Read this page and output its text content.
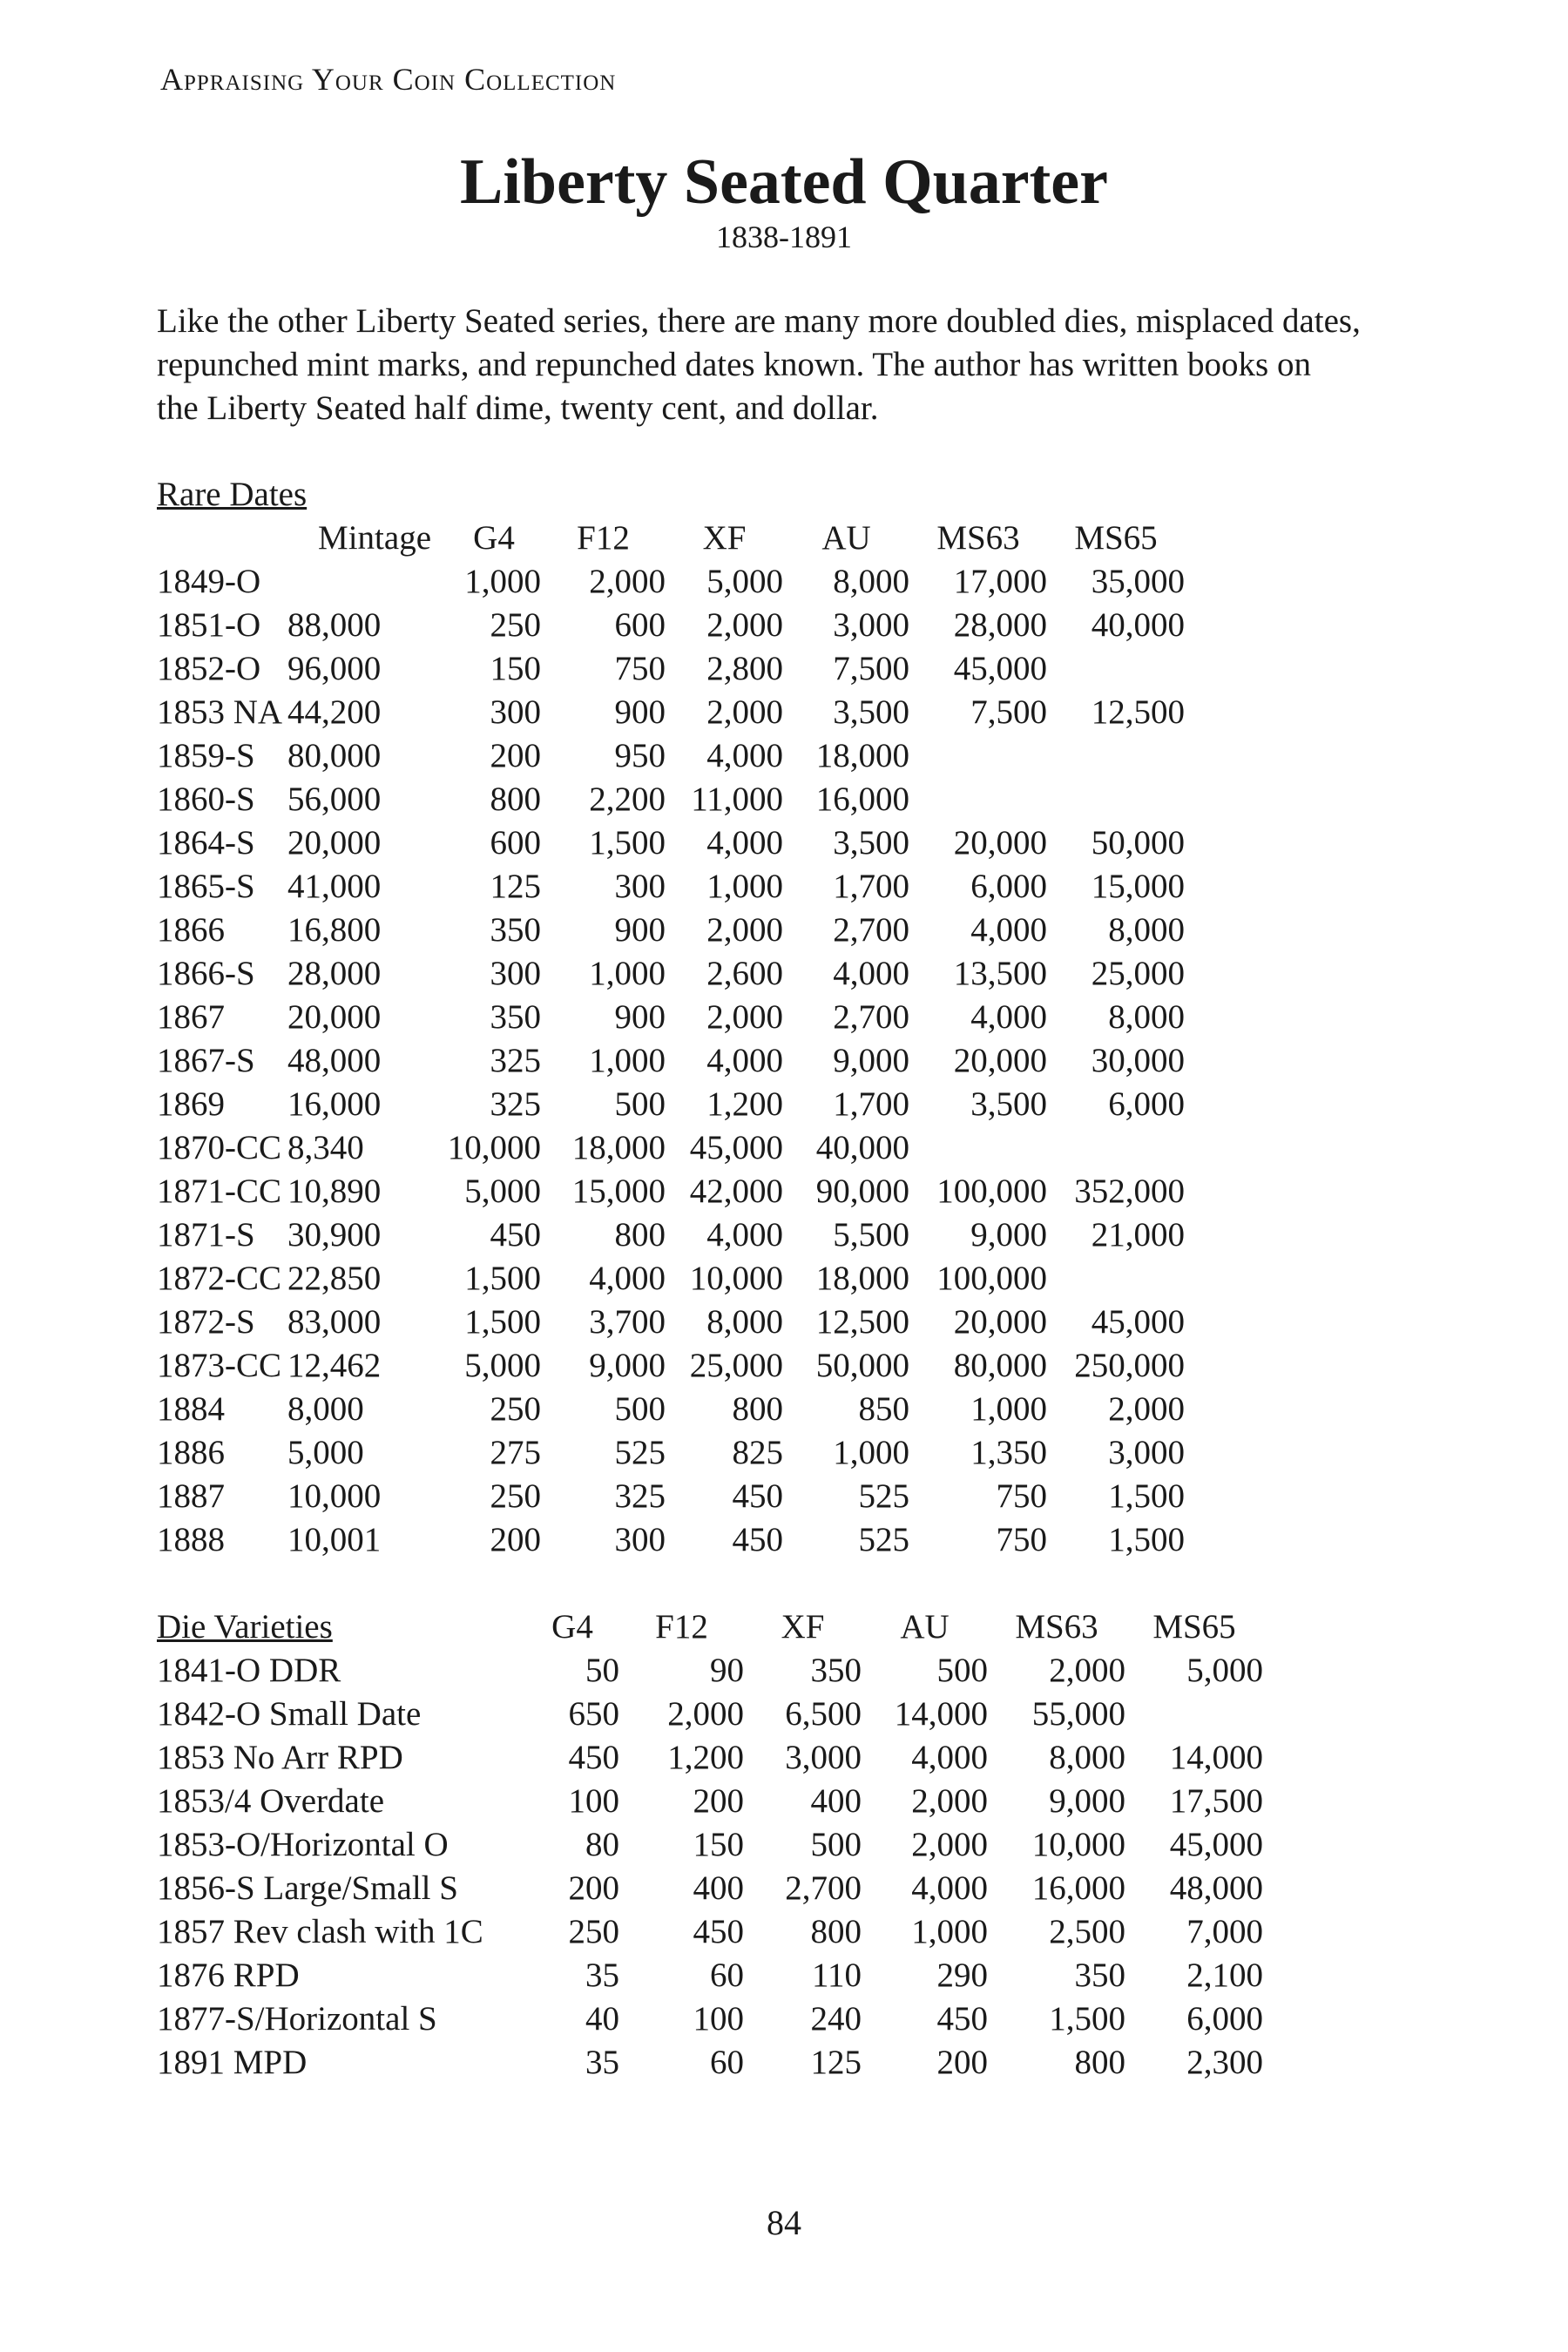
Appraising Your Coin Collection
Liberty Seated Quarter
1838-1891

Like the other Liberty Seated series, there are many more doubled dies, misplaced dates,
repunched mint marks, and repunched dates known. The author has written books on
the Liberty Seated half dime, twenty cent, and dollar.

Rare Dates							
	Mintage	G4	F12	XF	AU	MS63	MS65
1849-O		1,000	2,000	5,000	8,000	17,000	35,000
1851-O	88,000	250	600	2,000	3,000	28,000	40,000
1852-O	96,000	150	750	2,800	7,500	45,000	
1853 NA	44,200	300	900	2,000	3,500	7,500	12,500
1859-S	80,000	200	950	4,000	18,000		
1860-S	56,000	800	2,200	11,000	16,000		
1864-S	20,000	600	1,500	4,000	3,500	20,000	50,000
1865-S	41,000	125	300	1,000	1,700	6,000	15,000
1866	16,800	350	900	2,000	2,700	4,000	8,000
1866-S	28,000	300	1,000	2,600	4,000	13,500	25,000
1867	20,000	350	900	2,000	2,700	4,000	8,000
1867-S	48,000	325	1,000	4,000	9,000	20,000	30,000
1869	16,000	325	500	1,200	1,700	3,500	6,000
1870-CC	8,340	10,000	18,000	45,000	40,000		
1871-CC	10,890	5,000	15,000	42,000	90,000	100,000	352,000
1871-S	30,900	450	800	4,000	5,500	9,000	21,000
1872-CC	22,850	1,500	4,000	10,000	18,000	100,000	
1872-S	83,000	1,500	3,700	8,000	12,500	20,000	45,000
1873-CC	12,462	5,000	9,000	25,000	50,000	80,000	250,000
1884	8,000	250	500	800	850	1,000	2,000
1886	5,000	275	525	825	1,000	1,350	3,000
1887	10,000	250	325	450	525	750	1,500
1888	10,001	200	300	450	525	750	1,500
Die Varieties	G4	F12	XF	AU	MS63	MS65
1841-O DDR	50	90	350	500	2,000	5,000
1842-O Small Date	650	2,000	6,500	14,000	55,000	
1853 No Arr RPD	450	1,200	3,000	4,000	8,000	14,000
1853/4 Overdate	100	200	400	2,000	9,000	17,500
1853-O/Horizontal O	80	150	500	2,000	10,000	45,000
1856-S Large/Small S	200	400	2,700	4,000	16,000	48,000
1857 Rev clash with 1C	250	450	800	1,000	2,500	7,000
1876 RPD	35	60	110	290	350	2,100
1877-S/Horizontal S	40	100	240	450	1,500	6,000
1891 MPD	35	60	125	200	800	2,300
84
